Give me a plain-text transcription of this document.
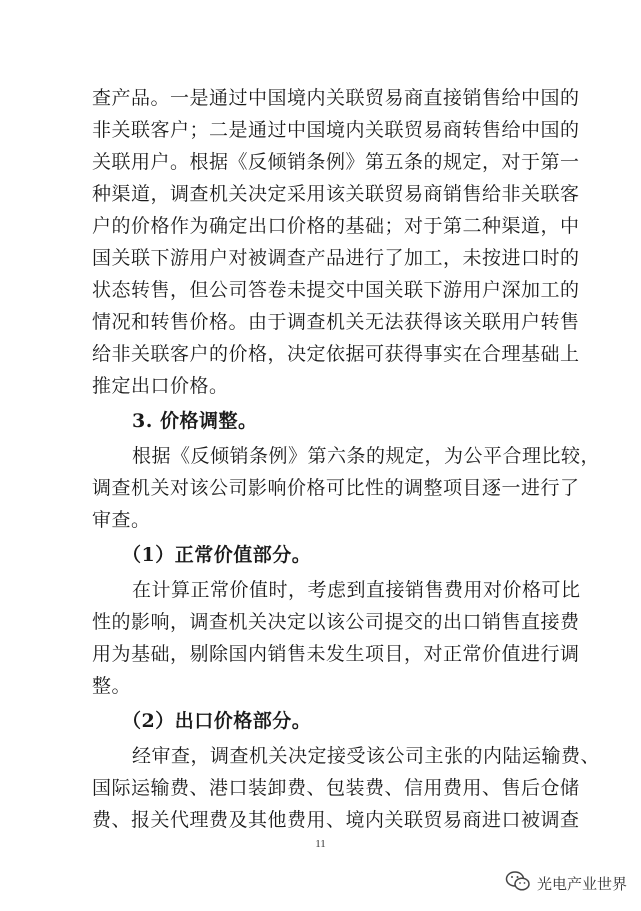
查产品。一是通过中国境内关联贸易商直接销售给中国的
非关联客户；二是通过中国境内关联贸易商转售给中国的
关联用户。根据《反倾销条例》第五条的规定，对于第一
种渠道，调查机关决定采用该关联贸易商销售给非关联客
户的价格作为确定出口价格的基础；对于第二种渠道，中
国关联下游用户对被调查产品进行了加工，未按进口时的
状态转售，但公司答卷未提交中国关联下游用户深加工的
情况和转售价格。由于调查机关无法获得该关联用户转售
给非关联客户的价格，决定依据可获得事实在合理基础上
推定出口价格。
3. 价格调整。
根据《反倾销条例》第六条的规定，为公平合理比较，
调查机关对该公司影响价格可比性的调整项目逐一进行了
审查。
（1）正常价值部分。
在计算正常价值时，考虑到直接销售费用对价格可比
性的影响，调查机关决定以该公司提交的出口销售直接费
用为基础，剔除国内销售未发生项目，对正常价值进行调
整。
（2）出口价格部分。
经审查，调查机关决定接受该公司主张的内陆运输费、
国际运输费、港口装卸费、包装费、信用费用、售后仓储
费、报关代理费及其他费用、境内关联贸易商进口被调查
11
光电产业世界
